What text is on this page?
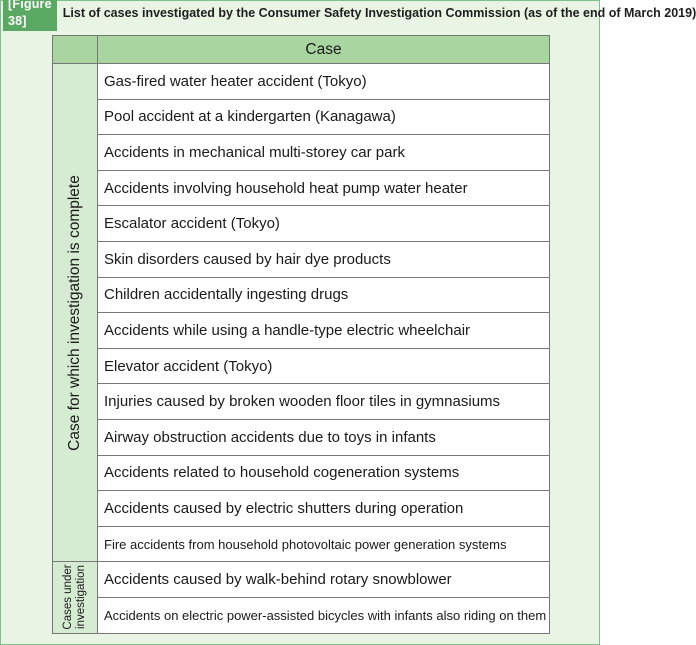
[Figure 38]
List of cases investigated by the Consumer Safety Investigation Commission (as of the end of March 2019)
	Case

Case for which investigation is complete	Gas-fired water heater accident (Tokyo)
	Pool accident at a kindergarten (Kanagawa)
	Accidents in mechanical multi-storey car park
	Accidents involving household heat pump water heater
	Escalator accident (Tokyo)
	Skin disorders caused by hair dye products
	Children accidentally ingesting drugs
	Accidents while using a handle-type electric wheelchair
	Elevator accident (Tokyo)
	Injuries caused by broken wooden floor tiles in gymnasiums
	Airway obstruction accidents due to toys in infants
	Accidents related to household cogeneration systems
	Accidents caused by electric shutters during operation
	Fire accidents from household photovoltaic power generation systems

Cases under
investigation	Accidents caused by walk-behind rotary snowblower
	Accidents on electric power-assisted bicycles with infants also riding on them
